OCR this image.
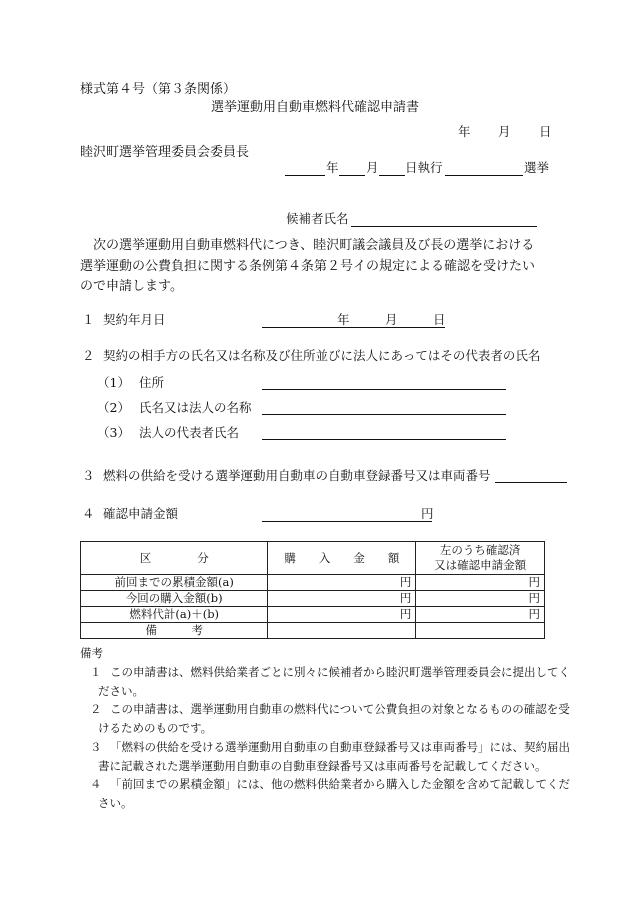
様式第４号（第３条関係）
選挙運動用自動車燃料代確認申請書
年 月 日
睦沢町選挙管理委員会委員長
年 月 日執行	選挙
候補者氏名
次の選挙運動用自動車燃料代につき、睦沢町議会議員及び長の選挙における
選挙運動の公費負担に関する条例第４条第２号イの規定による確認を受けたい
ので申請します。
１ 契約年月日	年	月	日
２ 契約の相手方の氏名又は名称及び住所並びに法人にあってはその代表者の氏名
（1） 住所
（2） 氏名又は法人の名称
（3） 法人の代表者氏名
３ 燃料の供給を受ける選挙運動用自動車の自動車登録番号又は車両番号
４ 確認申請金額	円
区　　　　分	購　　入　　金　　額	左のうち確認済
又は確認申請金額

前回までの累積金額(a)	円	円
今回の購入金額(b)	円	円
燃料代計(a)＋(b)	円	円
備　　　考		
備考
１ この申請書は、燃料供給業者ごとに別々に候補者から睦沢町選挙管理委員会に提出してく
ださい。
２ この申請書は、選挙運動用自動車の燃料代について公費負担の対象となるものの確認を受
けるためのものです。
３ 「燃料の供給を受ける選挙運動用自動車の自動車登録番号又は車両番号」には、契約届出
書に記載された選挙運動用自動車の自動車登録番号又は車両番号を記載してください。
４ 「前回までの累積金額」には、他の燃料供給業者から購入した金額を含めて記載してくだ
さい。
